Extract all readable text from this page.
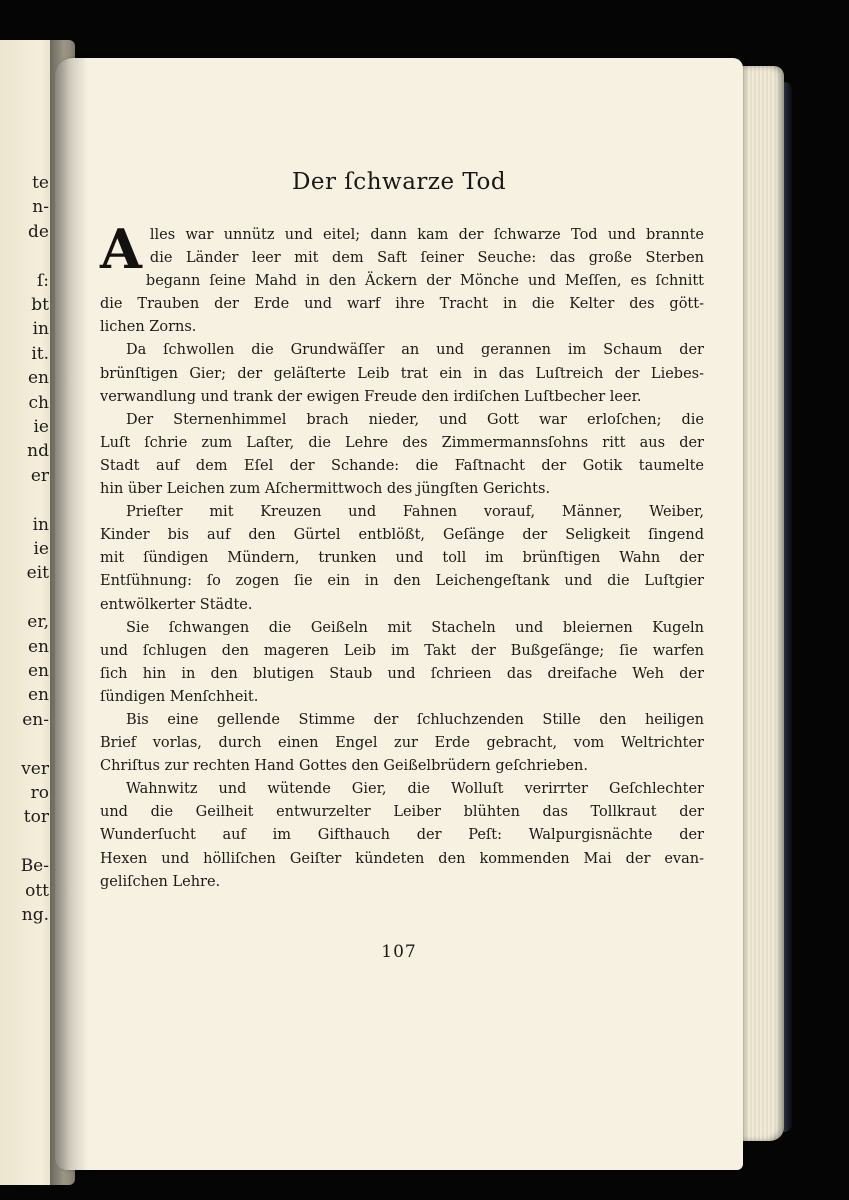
te
n-
de
ſ:
bt
in
it.
en
ch
ie
nd
er
in
ie
eit
er,
en
en
en
en-
ver
ro
tor
Be-
ott
ng.
Der ſchwarze Tod
A lles war unnütz und eitel; dann kam der ſchwarze Tod und brannte
die Länder leer mit dem Saft ſeiner Seuche: das große Sterben
begann ſeine Mahd in den Äckern der Mönche und Meſſen, es ſchnitt
die Trauben der Erde und warf ihre Tracht in die Kelter des gött-
lichen Zorns.
Da ſchwollen die Grundwäſſer an und gerannen im Schaum der
brünſtigen Gier; der geläſterte Leib trat ein in das Luſtreich der Liebes-
verwandlung und trank der ewigen Freude den irdiſchen Luſtbecher leer.
Der Sternenhimmel brach nieder, und Gott war erloſchen; die
Luſt ſchrie zum Laſter, die Lehre des Zimmermannsſohns ritt aus der
Stadt auf dem Eſel der Schande: die Faſtnacht der Gotik taumelte
hin über Leichen zum Aſchermittwoch des jüngſten Gerichts.
Prieſter mit Kreuzen und Fahnen vorauf, Männer, Weiber,
Kinder bis auf den Gürtel entblößt, Geſänge der Seligkeit ſingend
mit ſündigen Mündern, trunken und toll im brünſtigen Wahn der
Entſühnung: ſo zogen ſie ein in den Leichengeſtank und die Luſtgier
entwölkerter Städte.
Sie ſchwangen die Geißeln mit Stacheln und bleiernen Kugeln
und ſchlugen den mageren Leib im Takt der Bußgeſänge; ſie warfen
ſich hin in den blutigen Staub und ſchrieen das dreifache Weh der
ſündigen Menſchheit.
Bis eine gellende Stimme der ſchluchzenden Stille den heiligen
Brief vorlas, durch einen Engel zur Erde gebracht, vom Weltrichter
Chriſtus zur rechten Hand Gottes den Geißelbrüdern geſchrieben.
Wahnwitz und wütende Gier, die Wolluſt verirrter Geſchlechter
und die Geilheit entwurzelter Leiber blühten das Tollkraut der
Wunderſucht auf im Gifthauch der Peſt: Walpurgisnächte der
Hexen und hölliſchen Geiſter kündeten den kommenden Mai der evan-
geliſchen Lehre.
107
